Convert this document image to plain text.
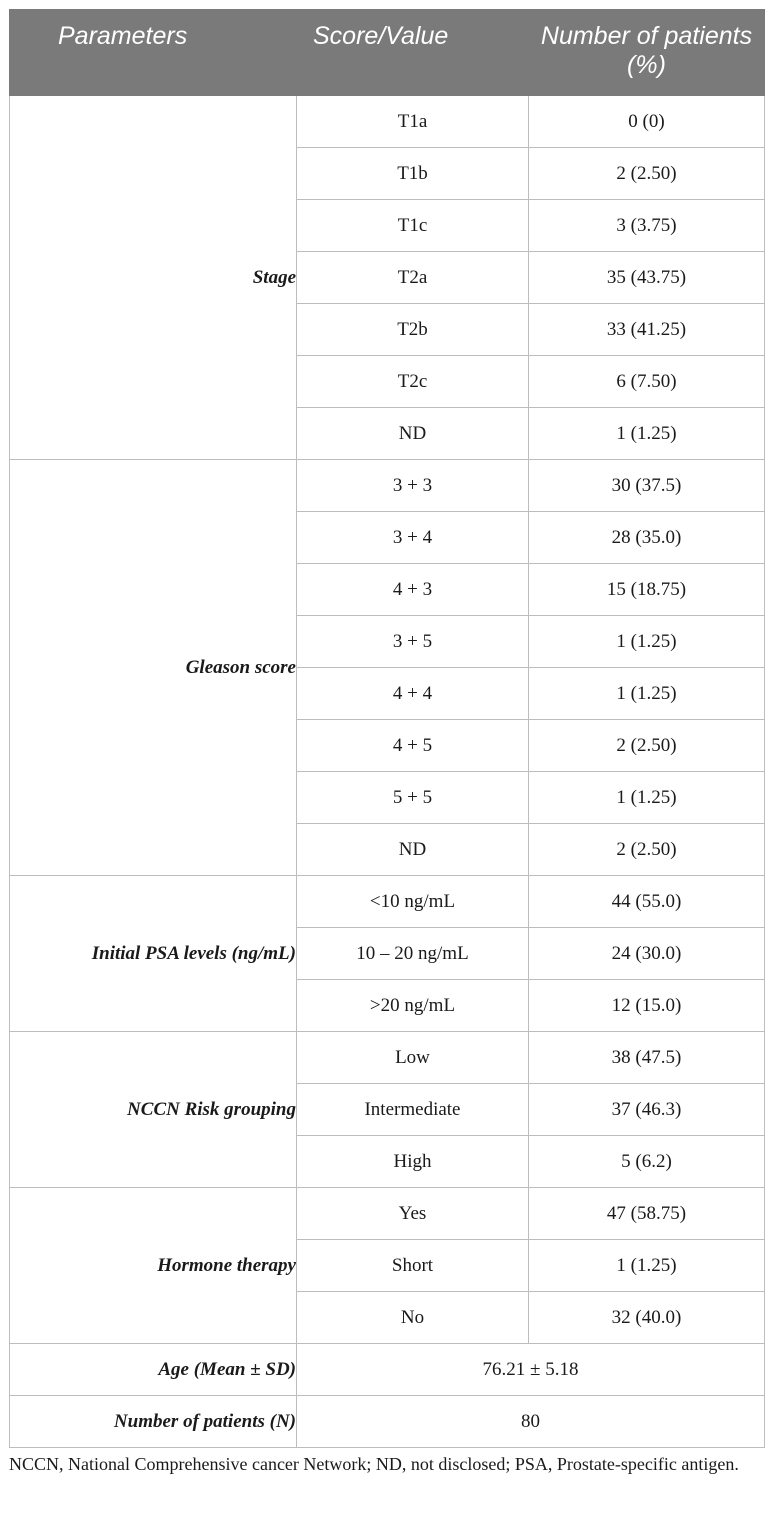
Parameters	Score/Value	Number of patients (%)

Stage	T1a	0 (0)
	T1b	2 (2.50)
	T1c	3 (3.75)
	T2a	35 (43.75)
	T2b	33 (41.25)
	T2c	6 (7.50)
	ND	1 (1.25)
Gleason score	3 + 3	30 (37.5)
	3 + 4	28 (35.0)
	4 + 3	15 (18.75)
	3 + 5	1 (1.25)
	4 + 4	1 (1.25)
	4 + 5	2 (2.50)
	5 + 5	1 (1.25)
	ND	2 (2.50)
Initial PSA levels (ng/mL)	<10 ng/mL	44 (55.0)
	10 – 20 ng/mL	24 (30.0)
	>20 ng/mL	12 (15.0)
NCCN Risk grouping	Low	38 (47.5)
	Intermediate	37 (46.3)
	High	5 (6.2)
Hormone therapy	Yes	47 (58.75)
	Short	1 (1.25)
	No	32 (40.0)
Age (Mean ± SD)	76.21 ± 5.18	
Number of patients (N)	80	
NCCN, National Comprehensive cancer Network; ND, not disclosed; PSA, Prostate-specific antigen.
